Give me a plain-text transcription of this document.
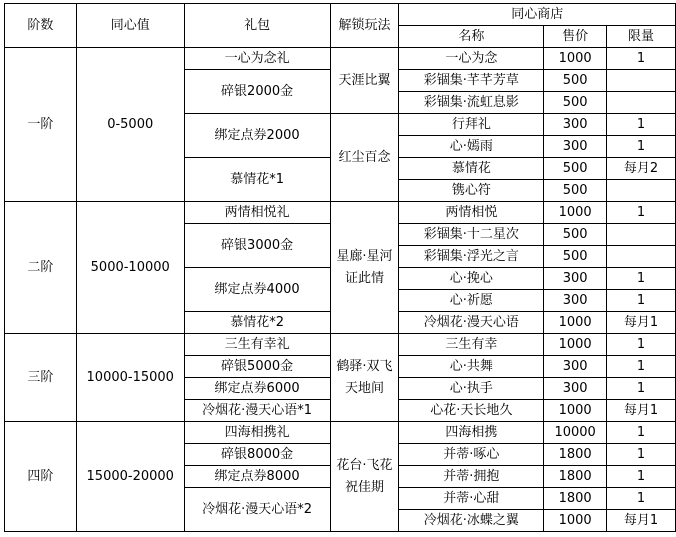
阶数	同心值	礼包	解锁玩法	同心商店		
				名称	售价	限量
一阶	0-5000	一心为念礼	天涯比翼	一心为念	1000	1
		碎银2000金		彩锢集·芊芊芳草	500	
				彩锢集·流虹息影	500	
		绑定点券2000	红尘百念	行拜礼	300	1
				心·嫣雨	300	1
		慕情花*1		慕情花	500	每月2
				镌心符	500	
二阶	5000-10000	两情相悦礼	星廊·星河证此情	两情相悦	1000	1
		碎银3000金		彩锢集·十二星次	500	
				彩锢集·浮光之言	500	
		绑定点券4000		心·挽心	300	1
				心·祈愿	300	1
		慕情花*2		冷烟花·漫天心语	1000	每月1
三阶	10000-15000	三生有幸礼	鹤驿·双飞天地间	三生有幸	1000	1
		碎银5000金		心·共舞	300	1
		绑定点券6000		心·执手	300	1
		冷烟花·漫天心语*1		心花·天长地久	1000	每月1
四阶	15000-20000	四海相携礼	花台·飞花祝佳期	四海相携	10000	1
		碎银8000金		并蒂·啄心	1800	1
		绑定点券8000		并蒂·拥抱	1800	1
		冷烟花·漫天心语*2		并蒂·心甜	1800	1
				冷烟花·冰蝶之翼	1000	每月1
